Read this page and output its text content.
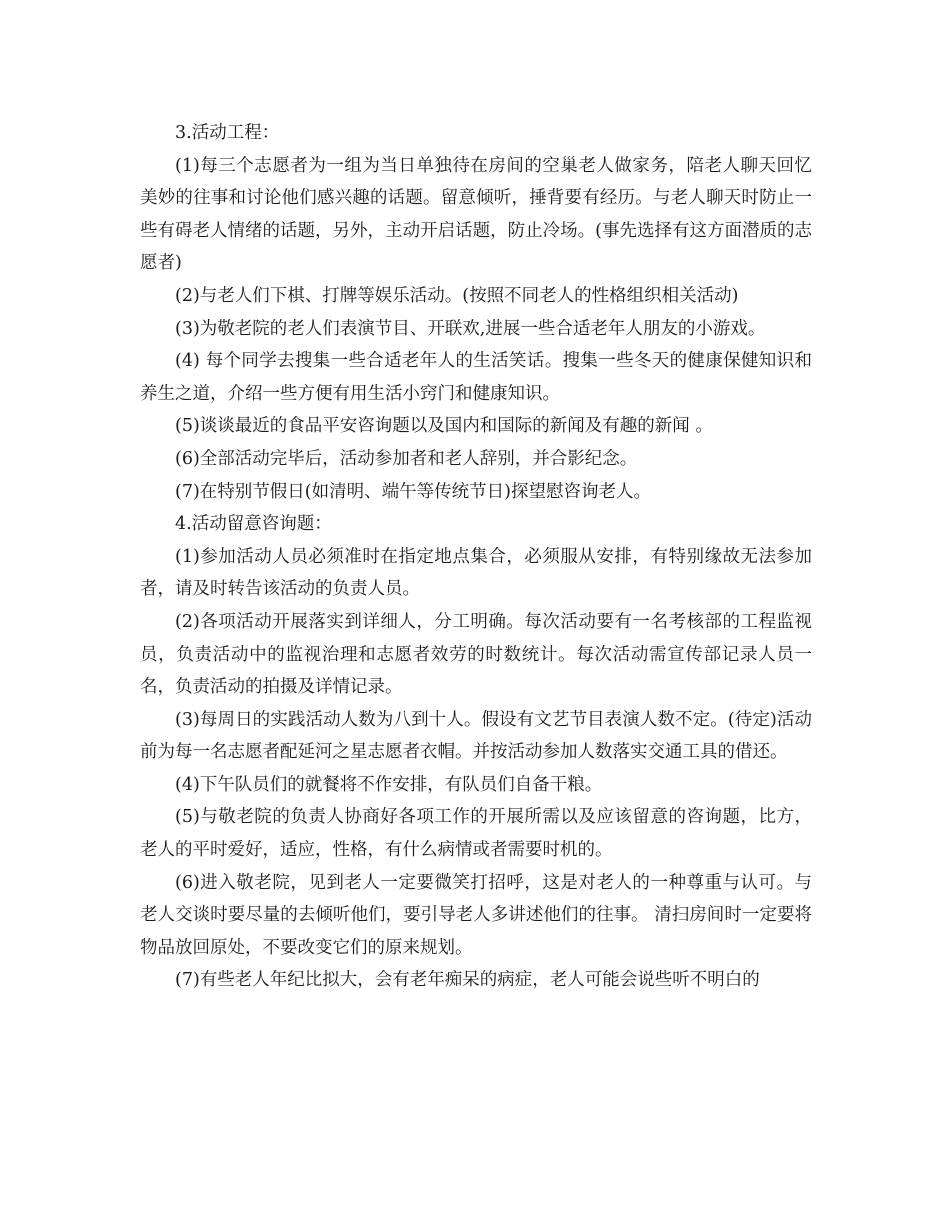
3.活动工程：

(1)每三个志愿者为一组为当日单独待在房间的空巢老人做家务，陪老人聊天回忆美妙的往事和讨论他们感兴趣的话题。留意倾听，捶背要有经历。与老人聊天时防止一些有碍老人情绪的话题，另外，主动开启话题，防止冷场。(事先选择有这方面潜质的志愿者)

(2)与老人们下棋、打牌等娱乐活动。(按照不同老人的性格组织相关活动)

(3)为敬老院的老人们表演节目、开联欢,进展一些合适老年人朋友的小游戏。

(4) 每个同学去搜集一些合适老年人的生活笑话。搜集一些冬天的健康保健知识和养生之道，介绍一些方便有用生活小窍门和健康知识。

(5)谈谈最近的食品平安咨询题以及国内和国际的新闻及有趣的新闻 。

(6)全部活动完毕后，活动参加者和老人辞别，并合影纪念。

(7)在特别节假日(如清明、端午等传统节日)探望慰咨询老人。

4.活动留意咨询题：

(1)参加活动人员必须准时在指定地点集合，必须服从安排，有特别缘故无法参加者，请及时转告该活动的负责人员。

(2)各项活动开展落实到详细人，分工明确。每次活动要有一名考核部的工程监视员，负责活动中的监视治理和志愿者效劳的时数统计。每次活动需宣传部记录人员一名，负责活动的拍摄及详情记录。

(3)每周日的实践活动人数为八到十人。假设有文艺节目表演人数不定。(待定)活动前为每一名志愿者配延河之星志愿者衣帽。并按活动参加人数落实交通工具的借还。

(4)下午队员们的就餐将不作安排，有队员们自备干粮。

(5)与敬老院的负责人协商好各项工作的开展所需以及应该留意的咨询题，比方，老人的平时爱好，适应，性格，有什么病情或者需要时机的。

(6)进入敬老院，见到老人一定要微笑打招呼，这是对老人的一种尊重与认可。与老人交谈时要尽量的去倾听他们，要引导老人多讲述他们的往事。 清扫房间时一定要将物品放回原处，不要改变它们的原来规划。

(7)有些老人年纪比拟大，会有老年痴呆的病症，老人可能会说些听不明白的
